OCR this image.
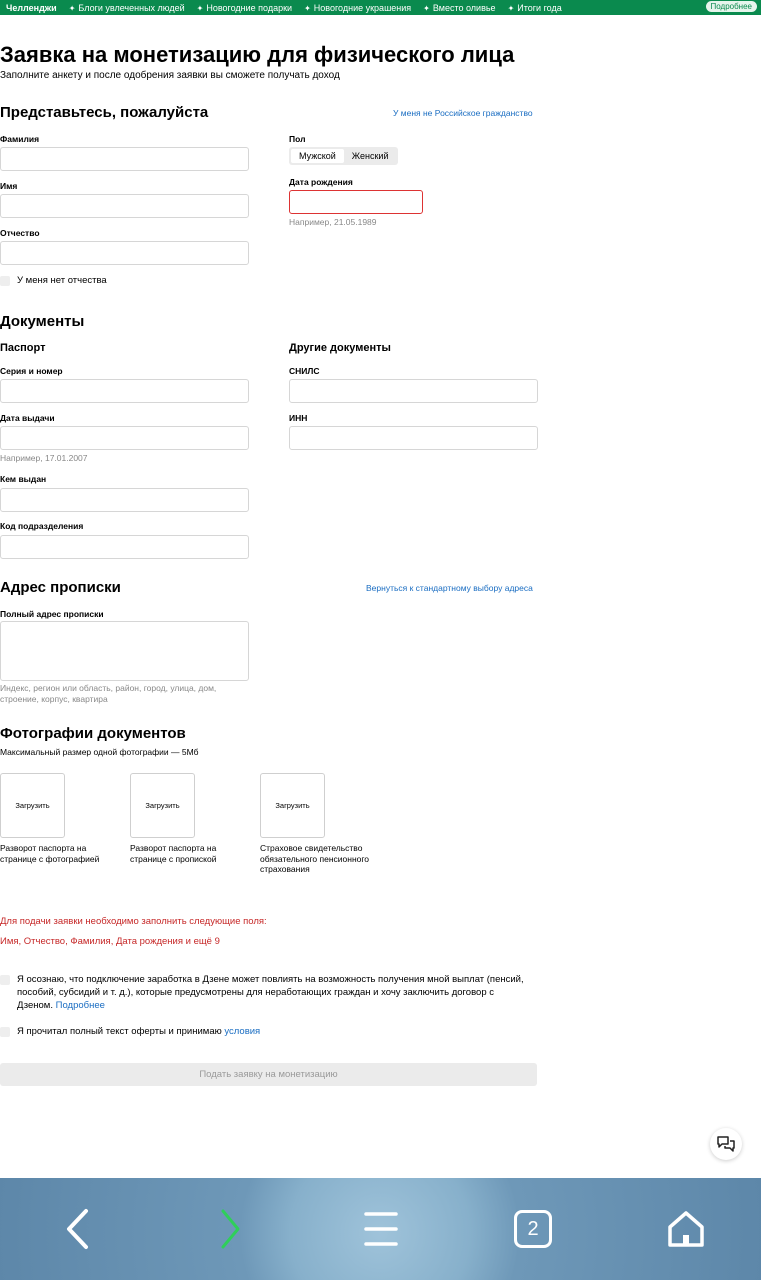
Челленджи	✦ Блоги увлеченных людей	✦ Новогодние подарки	✦ Новогодние украшения	✦ Вместо оливье	✦ Итоги года	Подробнее
Заявка на монетизацию для физического лица
Заполните анкету и после одобрения заявки вы сможете получать доход
Представьтесь, пожалуйста	У меня не Российское гражданство
Фамилия
Имя
Отчество
У меня нет отчества
Пол
Мужской	Женский
Дата рождения
Например, 21.05.1989
Документы
Паспорт	Другие документы
Серия и номер
Дата выдачи
Например, 17.01.2007
Кем выдан
Код подразделения
СНИЛС
ИНН
Адрес прописки	Вернуться к стандартному выбору адреса
Полный адрес прописки
Индекс, регион или область, район, город, улица, дом, строение, корпус, квартира
Фотографии документов
Максимальный размер одной фотографии — 5Мб
Загрузить	Загрузить	Загрузить
Разворот паспорта на странице с фотографией
Разворот паспорта на странице с пропиской
Страховое свидетельство обязательного пенсионного страхования
Для подачи заявки необходимо заполнить следующие поля:
Имя, Отчество, Фамилия, Дата рождения и ещё 9
Я осознаю, что подключение заработка в Дзене может повлиять на возможность получения мной выплат (пенсий, пособий, субсидий и т. д.), которые предусмотрены для неработающих граждан и хочу заключить договор с Дзеном. Подробнее
Я прочитал полный текст оферты и принимаю условия
Подать заявку на монетизацию
2
